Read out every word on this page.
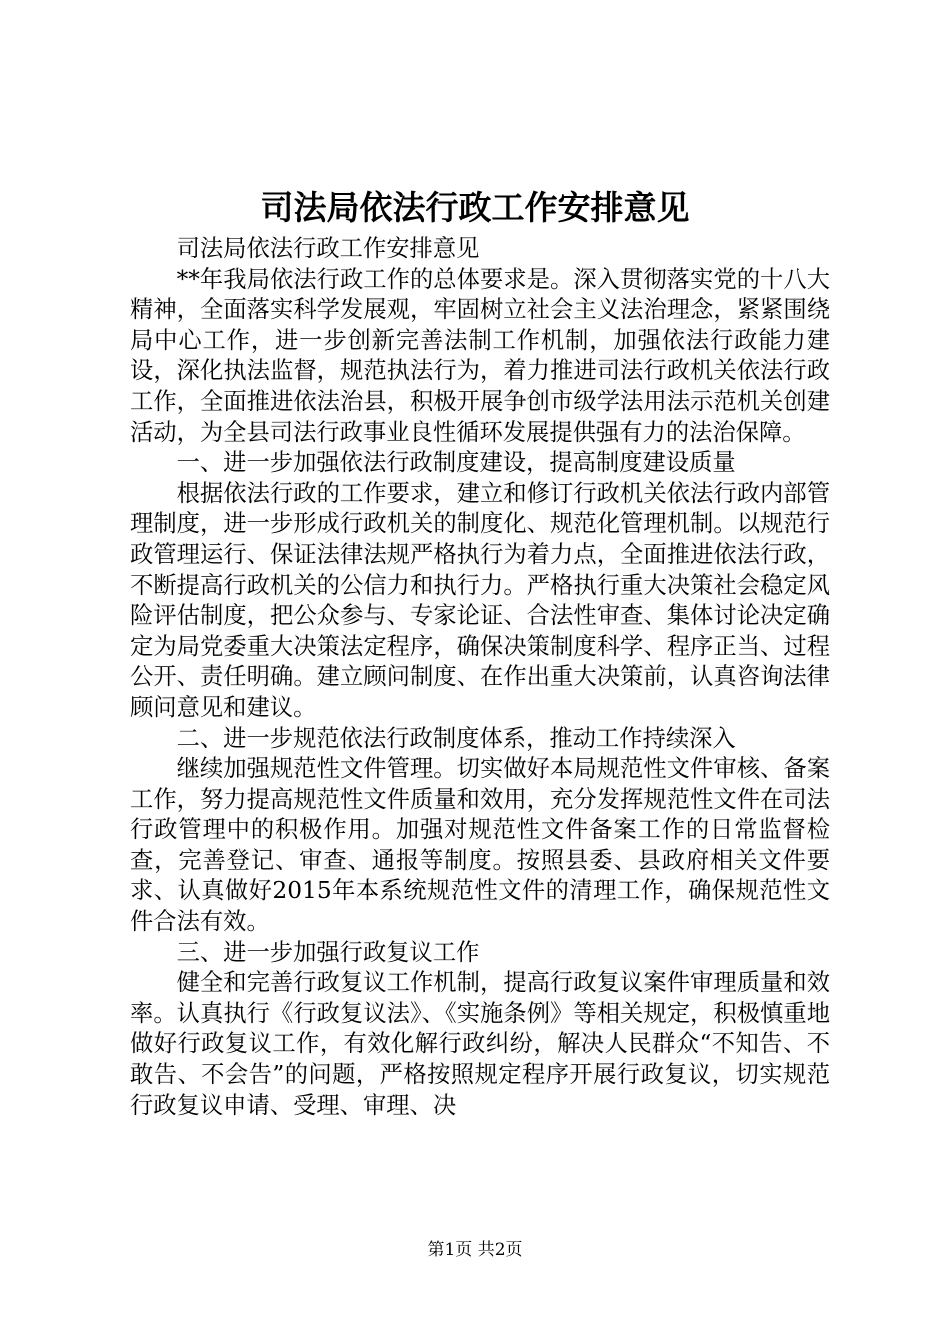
司法局依法行政工作安排意见

司法局依法行政工作安排意见

**年我局依法行政工作的总体要求是。深入贯彻落实党的十八大精神，全面落实科学发展观，牢固树立社会主义法治理念，紧紧围绕局中心工作，进一步创新完善法制工作机制，加强依法行政能力建设，深化执法监督，规范执法行为，着力推进司法行政机关依法行政工作，全面推进依法治县，积极开展争创市级学法用法示范机关创建活动，为全县司法行政事业良性循环发展提供强有力的法治保障。

一、进一步加强依法行政制度建设，提高制度建设质量

根据依法行政的工作要求，建立和修订行政机关依法行政内部管理制度，进一步形成行政机关的制度化、规范化管理机制。以规范行政管理运行、保证法律法规严格执行为着力点，全面推进依法行政，不断提高行政机关的公信力和执行力。严格执行重大决策社会稳定风险评估制度，把公众参与、专家论证、合法性审查、集体讨论决定确定为局党委重大决策法定程序，确保决策制度科学、程序正当、过程公开、责任明确。建立顾问制度、在作出重大决策前，认真咨询法律顾问意见和建议。

二、进一步规范依法行政制度体系，推动工作持续深入

继续加强规范性文件管理。切实做好本局规范性文件审核、备案工作，努力提高规范性文件质量和效用，充分发挥规范性文件在司法行政管理中的积极作用。加强对规范性文件备案工作的日常监督检查，完善登记、审查、通报等制度。按照县委、县政府相关文件要求、认真做好2015年本系统规范性文件的清理工作，确保规范性文件合法有效。

三、进一步加强行政复议工作

健全和完善行政复议工作机制，提高行政复议案件审理质量和效率。认真执行《行政复议法》、《实施条例》等相关规定，积极慎重地做好行政复议工作，有效化解行政纠纷，解决人民群众“不知告、不敢告、不会告”的问题，严格按照规定程序开展行政复议，切实规范行政复议申请、受理、审理、决

第1页 共2页
